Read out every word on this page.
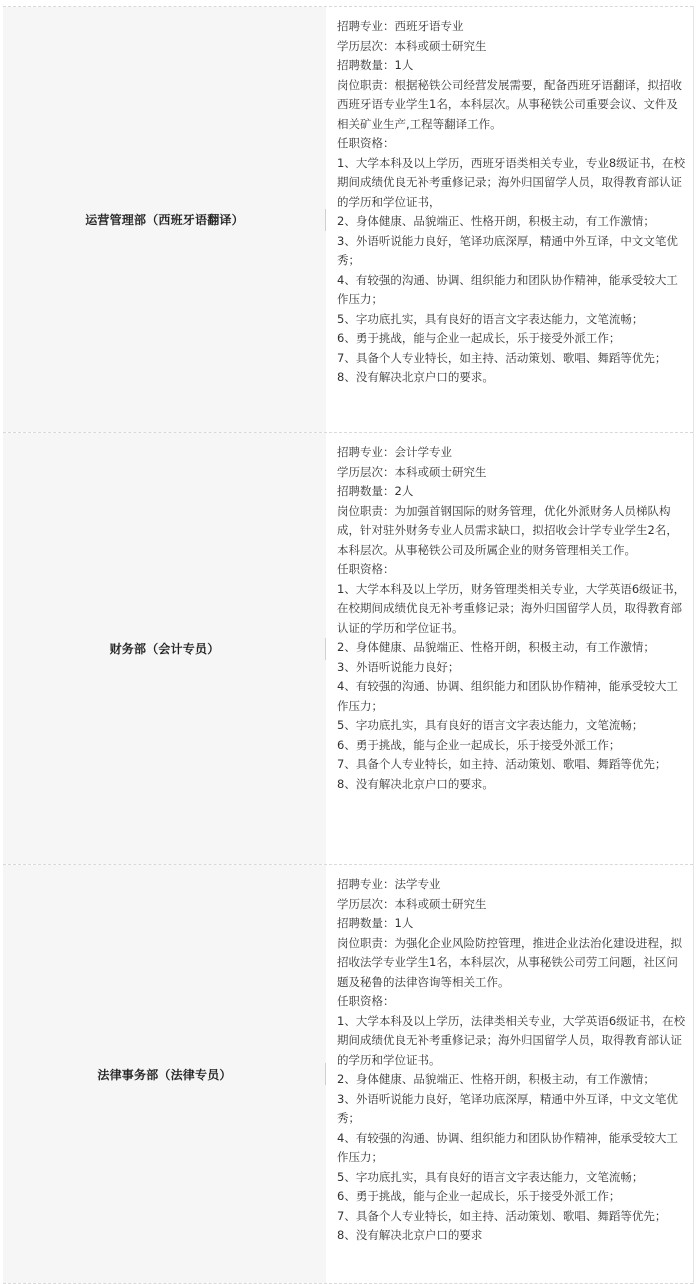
运营管理部（西班牙语翻译）
招聘专业：西班牙语专业
学历层次：本科或硕士研究生
招聘数量：1人
岗位职责：根据秘铁公司经营发展需要，配备西班牙语翻译，拟招收西班牙语专业学生1名，本科层次。从事秘铁公司重要会议、文件及相关矿业生产,工程等翻译工作。
任职资格：
1、大学本科及以上学历，西班牙语类相关专业，专业8级证书，在校期间成绩优良无补考重修记录；海外归国留学人员，取得教育部认证的学历和学位证书，
2、身体健康、品貌端正、性格开朗，积极主动，有工作激情；
3、外语听说能力良好，笔译功底深厚，精通中外互译，中文文笔优秀；
4、有较强的沟通、协调、组织能力和团队协作精神，能承受较大工作压力；
5、字功底扎实，具有良好的语言文字表达能力，文笔流畅；
6、勇于挑战，能与企业一起成长，乐于接受外派工作；
7、具备个人专业特长，如主持、活动策划、歌唱、舞蹈等优先；
8、没有解决北京户口的要求。
财务部（会计专员）
招聘专业：会计学专业
学历层次：本科或硕士研究生
招聘数量：2人
岗位职责：为加强首钢国际的财务管理，优化外派财务人员梯队构成，针对驻外财务专业人员需求缺口，拟招收会计学专业学生2名，本科层次。从事秘铁公司及所属企业的财务管理相关工作。
任职资格：
1、大学本科及以上学历，财务管理类相关专业，大学英语6级证书，在校期间成绩优良无补考重修记录；海外归国留学人员，取得教育部认证的学历和学位证书。
2、身体健康、品貌端正、性格开朗，积极主动，有工作激情；
3、外语听说能力良好；
4、有较强的沟通、协调、组织能力和团队协作精神，能承受较大工作压力；
5、字功底扎实，具有良好的语言文字表达能力，文笔流畅；
6、勇于挑战，能与企业一起成长，乐于接受外派工作；
7、具备个人专业特长，如主持、活动策划、歌唱、舞蹈等优先；
8、没有解决北京户口的要求。
法律事务部（法律专员）
招聘专业：法学专业
学历层次：本科或硕士研究生
招聘数量：1人
岗位职责：为强化企业风险防控管理，推进企业法治化建设进程，拟招收法学专业学生1名，本科层次，从事秘铁公司劳工问题，社区问题及秘鲁的法律咨询等相关工作。
任职资格：
1、大学本科及以上学历，法律类相关专业，大学英语6级证书，在校期间成绩优良无补考重修记录；海外归国留学人员，取得教育部认证的学历和学位证书。
2、身体健康、品貌端正、性格开朗，积极主动，有工作激情；
3、外语听说能力良好，笔译功底深厚，精通中外互译，中文文笔优秀；
4、有较强的沟通、协调、组织能力和团队协作精神，能承受较大工作压力；
5、字功底扎实，具有良好的语言文字表达能力，文笔流畅；
6、勇于挑战，能与企业一起成长，乐于接受外派工作；
7、具备个人专业特长，如主持、活动策划、歌唱、舞蹈等优先；
8、没有解决北京户口的要求
